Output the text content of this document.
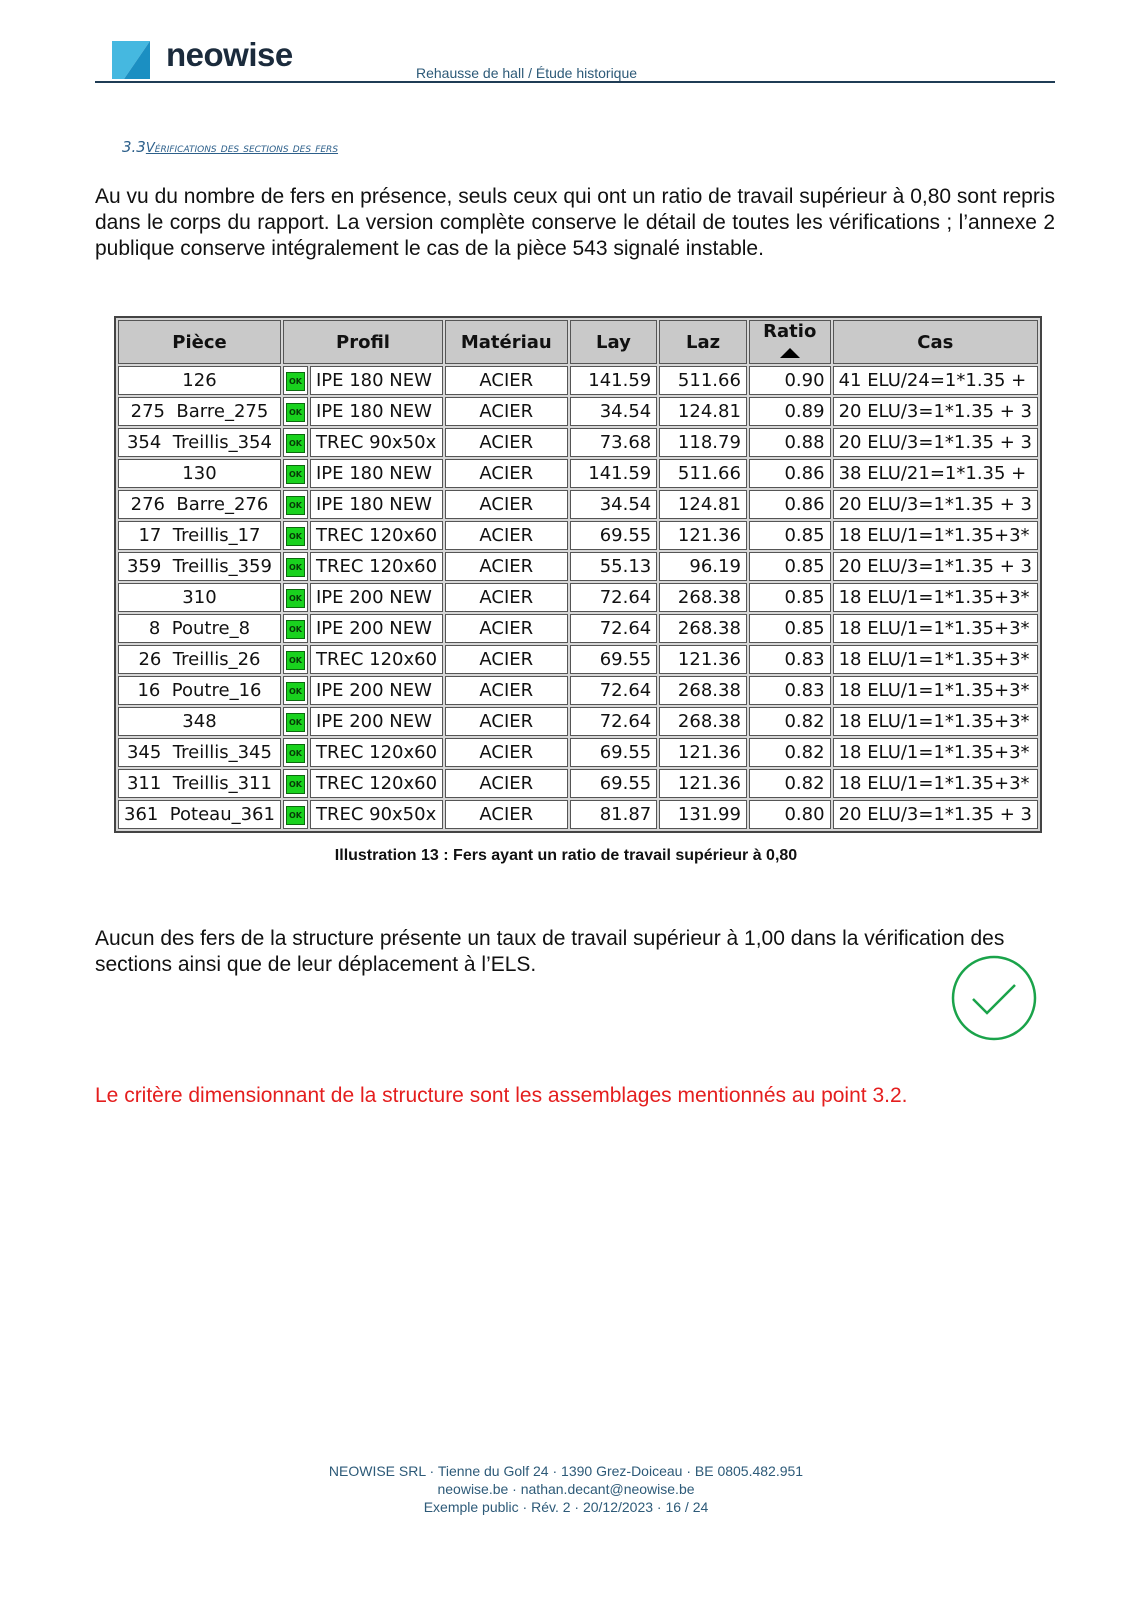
neowise	Rehausse de hall / Étude historique
3.3Vérifications des sections des fers
Au vu du nombre de fers en présence, seuls ceux qui ont un ratio de travail supérieur à 0,80 sont repris dans le corps du rapport. La version complète conserve le détail de toutes les vérifications ; l’annexe 2 publique conserve intégralement le cas de la pièce 543 signalé instable.
Pièce	Profil		Matériau	Lay	Laz	Ratio	Cas
126	OK	IPE 180 NEW	ACIER	141.59	511.66	0.90	41 ELU/24=1*1.35 +
275  Barre_275	OK	IPE 180 NEW	ACIER	34.54	124.81	0.89	20 ELU/3=1*1.35 + 3
354  Treillis_354	OK	TREC 90x50x	ACIER	73.68	118.79	0.88	20 ELU/3=1*1.35 + 3
130	OK	IPE 180 NEW	ACIER	141.59	511.66	0.86	38 ELU/21=1*1.35 +
276  Barre_276	OK	IPE 180 NEW	ACIER	34.54	124.81	0.86	20 ELU/3=1*1.35 + 3
17  Treillis_17	OK	TREC 120x60	ACIER	69.55	121.36	0.85	18 ELU/1=1*1.35+3*
359  Treillis_359	OK	TREC 120x60	ACIER	55.13	96.19	0.85	20 ELU/3=1*1.35 + 3
310	OK	IPE 200 NEW	ACIER	72.64	268.38	0.85	18 ELU/1=1*1.35+3*
8  Poutre_8	OK	IPE 200 NEW	ACIER	72.64	268.38	0.85	18 ELU/1=1*1.35+3*
26  Treillis_26	OK	TREC 120x60	ACIER	69.55	121.36	0.83	18 ELU/1=1*1.35+3*
16  Poutre_16	OK	IPE 200 NEW	ACIER	72.64	268.38	0.83	18 ELU/1=1*1.35+3*
348	OK	IPE 200 NEW	ACIER	72.64	268.38	0.82	18 ELU/1=1*1.35+3*
345  Treillis_345	OK	TREC 120x60	ACIER	69.55	121.36	0.82	18 ELU/1=1*1.35+3*
311  Treillis_311	OK	TREC 120x60	ACIER	69.55	121.36	0.82	18 ELU/1=1*1.35+3*
361  Poteau_361	OK	TREC 90x50x	ACIER	81.87	131.99	0.80	20 ELU/3=1*1.35 + 3
Illustration 13 : Fers ayant un ratio de travail supérieur à 0,80
Aucun des fers de la structure présente un taux de travail supérieur à 1,00 dans la vérification des sections ainsi que de leur déplacement à l’ELS.
Le critère dimensionnant de la structure sont les assemblages mentionnés au point 3.2.
NEOWISE SRL · Tienne du Golf 24 · 1390 Grez-Doiceau · BE 0805.482.951
neowise.be · nathan.decant@neowise.be
Exemple public · Rév. 2 · 20/12/2023 · 16 / 24
